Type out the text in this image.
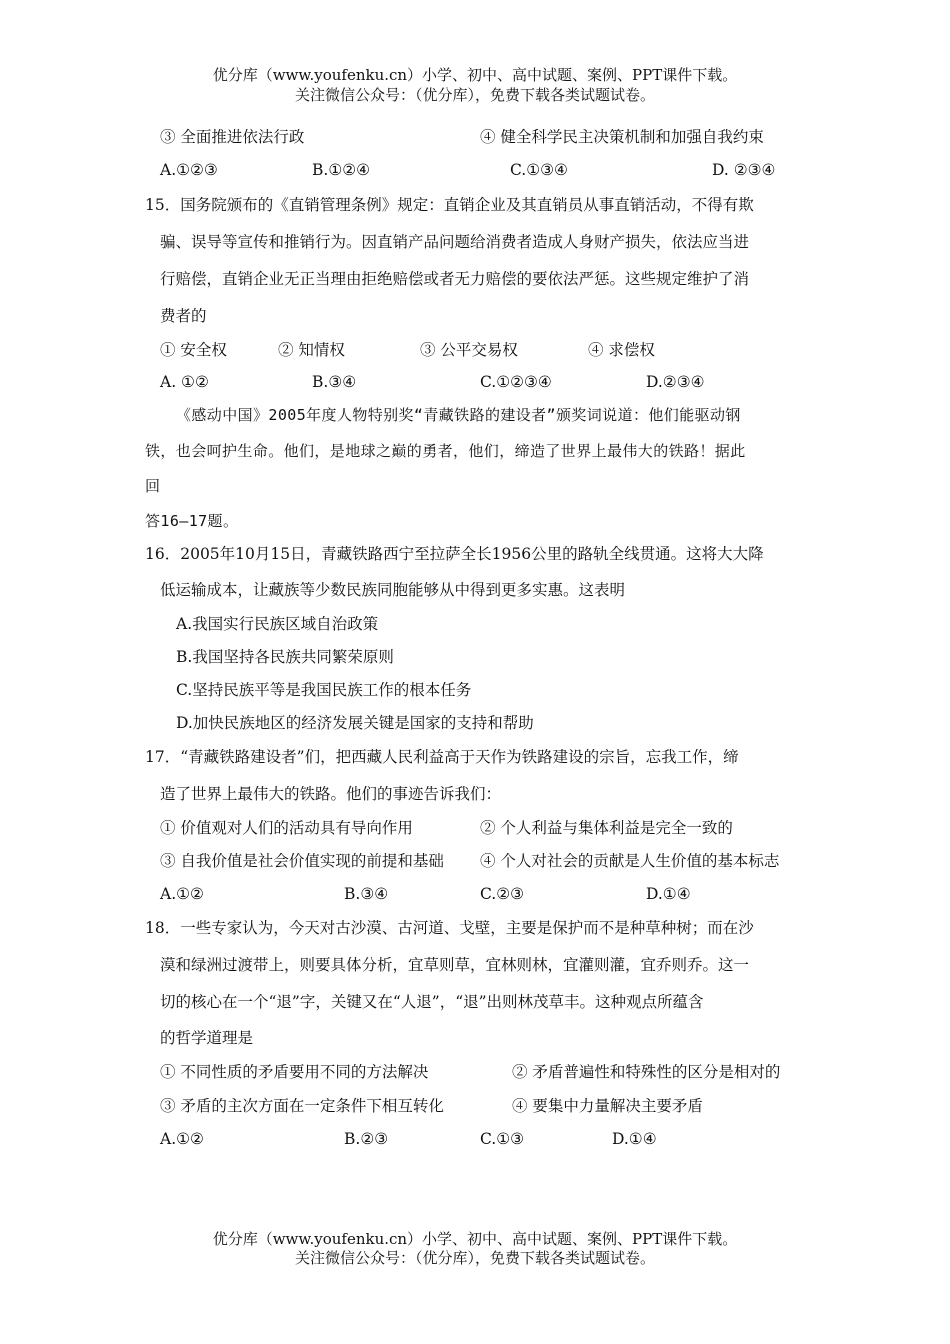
优分库（www.youfenku.cn）小学、初中、高中试题、案例、PPT课件下载。
关注微信公众号：（优分库），免费下载各类试题试卷。
③ 全面推进依法行政	④ 健全科学民主决策机制和加强自我约束
A.①②③	B.①②④	C.①③④	D. ②③④
15．国务院颁布的《直销管理条例》规定：直销企业及其直销员从事直销活动，不得有欺
骗、误导等宣传和推销行为。因直销产品问题给消费者造成人身财产损失，依法应当进
行赔偿，直销企业无正当理由拒绝赔偿或者无力赔偿的要依法严惩。这些规定维护了消
费者的
① 安全权	② 知情权	③ 公平交易权	④ 求偿权
A. ①②	B.③④	C.①②③④	D.②③④
《感动中国》2005年度人物特别奖“青藏铁路的建设者”颁奖词说道：他们能驱动钢
铁，也会呵护生命。他们，是地球之巅的勇者，他们，缔造了世界上最伟大的铁路！据此
回
答16—17题。
16．2005年10月15日，青藏铁路西宁至拉萨全长1956公里的路轨全线贯通。这将大大降
低运输成本，让藏族等少数民族同胞能够从中得到更多实惠。这表明
A.我国实行民族区域自治政策
B.我国坚持各民族共同繁荣原则
C.坚持民族平等是我国民族工作的根本任务
D.加快民族地区的经济发展关键是国家的支持和帮助
17．“青藏铁路建设者”们，把西藏人民利益高于天作为铁路建设的宗旨，忘我工作，缔
造了世界上最伟大的铁路。他们的事迹告诉我们：
① 价值观对人们的活动具有导向作用	② 个人利益与集体利益是完全一致的
③ 自我价值是社会价值实现的前提和基础 ④ 个人对社会的贡献是人生价值的基本标志
A.①②	B.③④	C.②③	D.①④
18．一些专家认为，今天对古沙漠、古河道、戈壁，主要是保护而不是种草种树；而在沙
漠和绿洲过渡带上，则要具体分析，宜草则草，宜林则林，宜灌则灌，宜乔则乔。这一
切的核心在一个“退”字，关键又在“人退”，“退”出则林茂草丰。这种观点所蕴含
的哲学道理是
① 不同性质的矛盾要用不同的方法解决	② 矛盾普遍性和特殊性的区分是相对的
③ 矛盾的主次方面在一定条件下相互转化	④ 要集中力量解决主要矛盾
A.①②	B.②③	C.①③	D.①④
优分库（www.youfenku.cn）小学、初中、高中试题、案例、PPT课件下载。
关注微信公众号：（优分库），免费下载各类试题试卷。
